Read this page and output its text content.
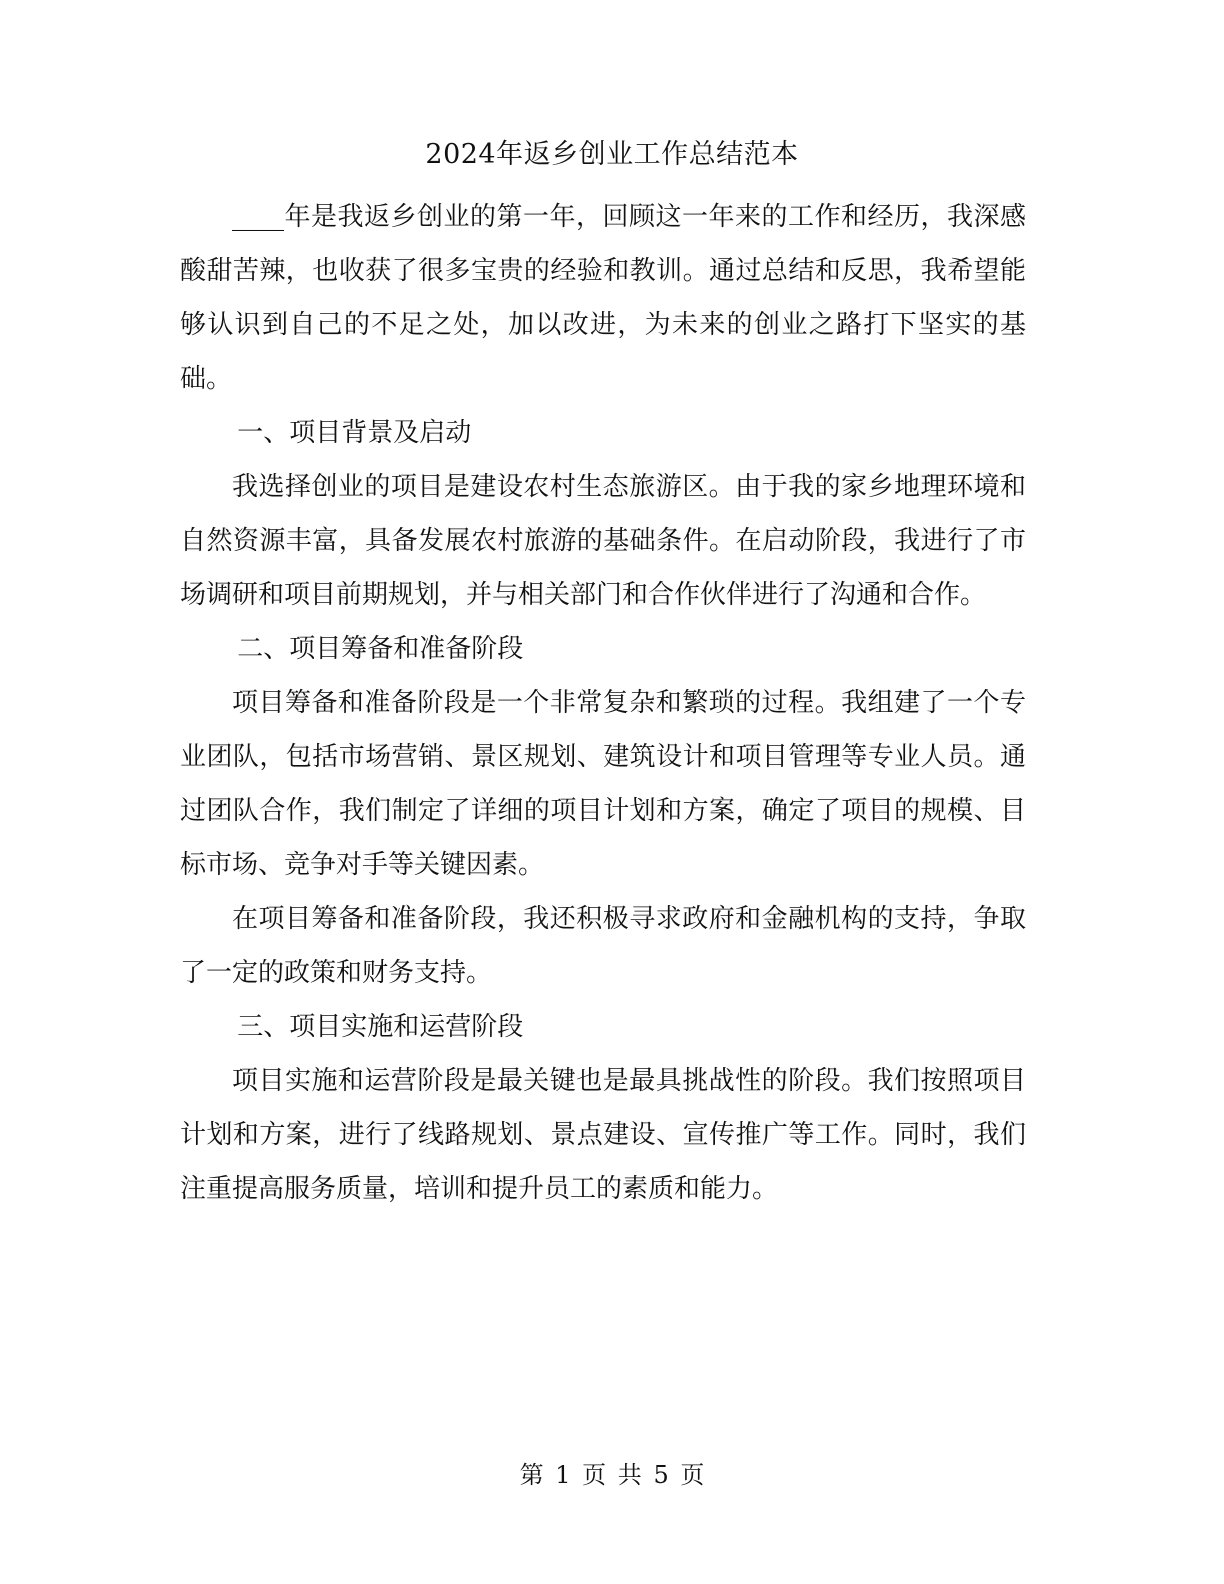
2024年返乡创业工作总结范本

____年是我返乡创业的第一年，回顾这一年来的工作和经历，我深感酸甜苦辣，也收获了很多宝贵的经验和教训。通过总结和反思，我希望能够认识到自己的不足之处，加以改进，为未来的创业之路打下坚实的基础。

一、项目背景及启动

我选择创业的项目是建设农村生态旅游区。由于我的家乡地理环境和自然资源丰富，具备发展农村旅游的基础条件。在启动阶段，我进行了市场调研和项目前期规划，并与相关部门和合作伙伴进行了沟通和合作。

二、项目筹备和准备阶段

项目筹备和准备阶段是一个非常复杂和繁琐的过程。我组建了一个专业团队，包括市场营销、景区规划、建筑设计和项目管理等专业人员。通过团队合作，我们制定了详细的项目计划和方案，确定了项目的规模、目标市场、竞争对手等关键因素。

在项目筹备和准备阶段，我还积极寻求政府和金融机构的支持，争取了一定的政策和财务支持。

三、项目实施和运营阶段

项目实施和运营阶段是最关键也是最具挑战性的阶段。我们按照项目计划和方案，进行了线路规划、景点建设、宣传推广等工作。同时，我们注重提高服务质量，培训和提升员工的素质和能力。

第 1 页 共 5 页
